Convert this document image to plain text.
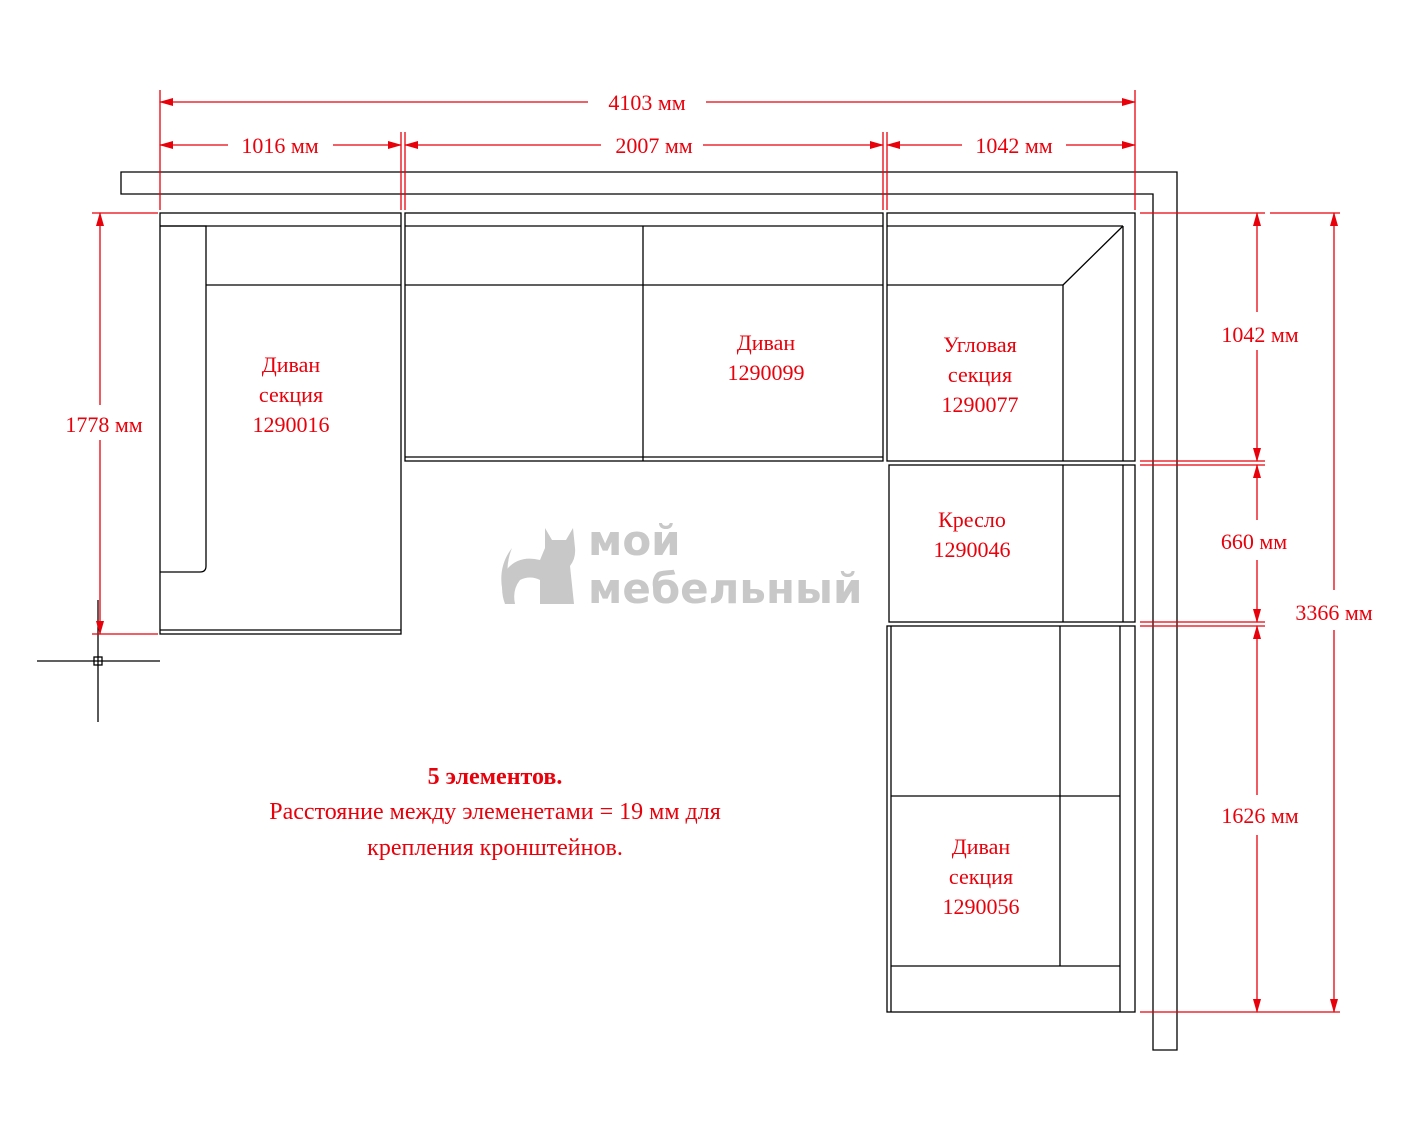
мой
мебельный
4103 мм
1016 мм	2007 мм	1042 мм
1778 мм
1042 мм
660 мм
1626 мм
3366 мм
Диван
секция
1290016
Диван
1290099
Угловая
секция
1290077
Кресло
1290046
Диван
секция
1290056
5 элементов.
Расстояние между элеменетами = 19 мм для
крепления кронштейнов.
